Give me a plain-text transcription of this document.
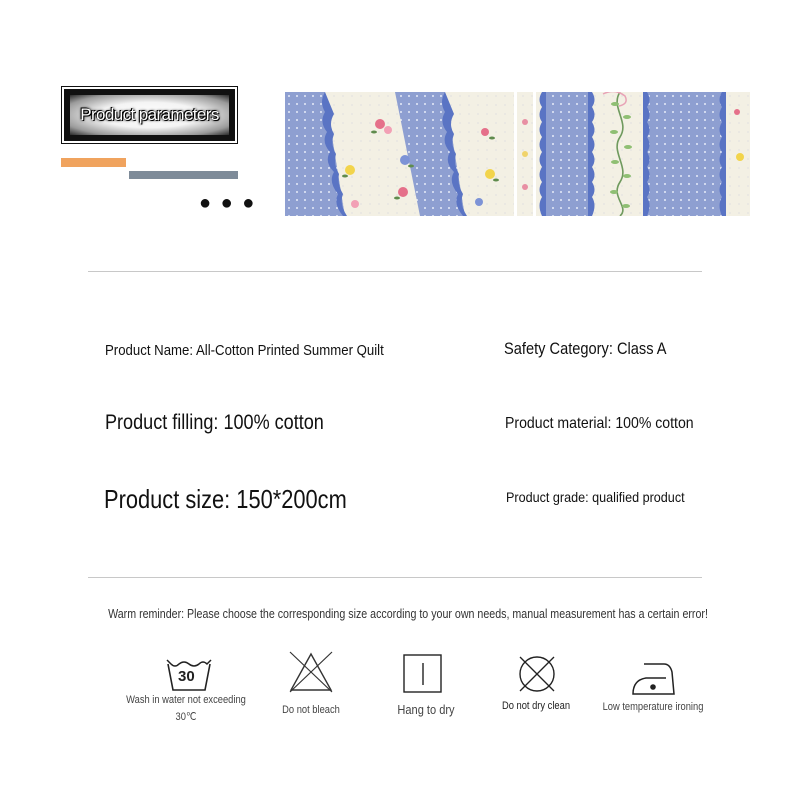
Product parameters
● ● ●
Product Name: All-Cotton Printed Summer Quilt	Safety Category: Class A
Product filling: 100% cotton	Product material: 100% cotton
Product size: 150*200cm	Product grade: qualified product
Warm reminder: Please choose the corresponding size according to your own needs, manual measurement has a certain error!
30
Wash in water not exceeding
30℃
Do not bleach	Hang to dry	Do not dry clean	Low temperature ironing
